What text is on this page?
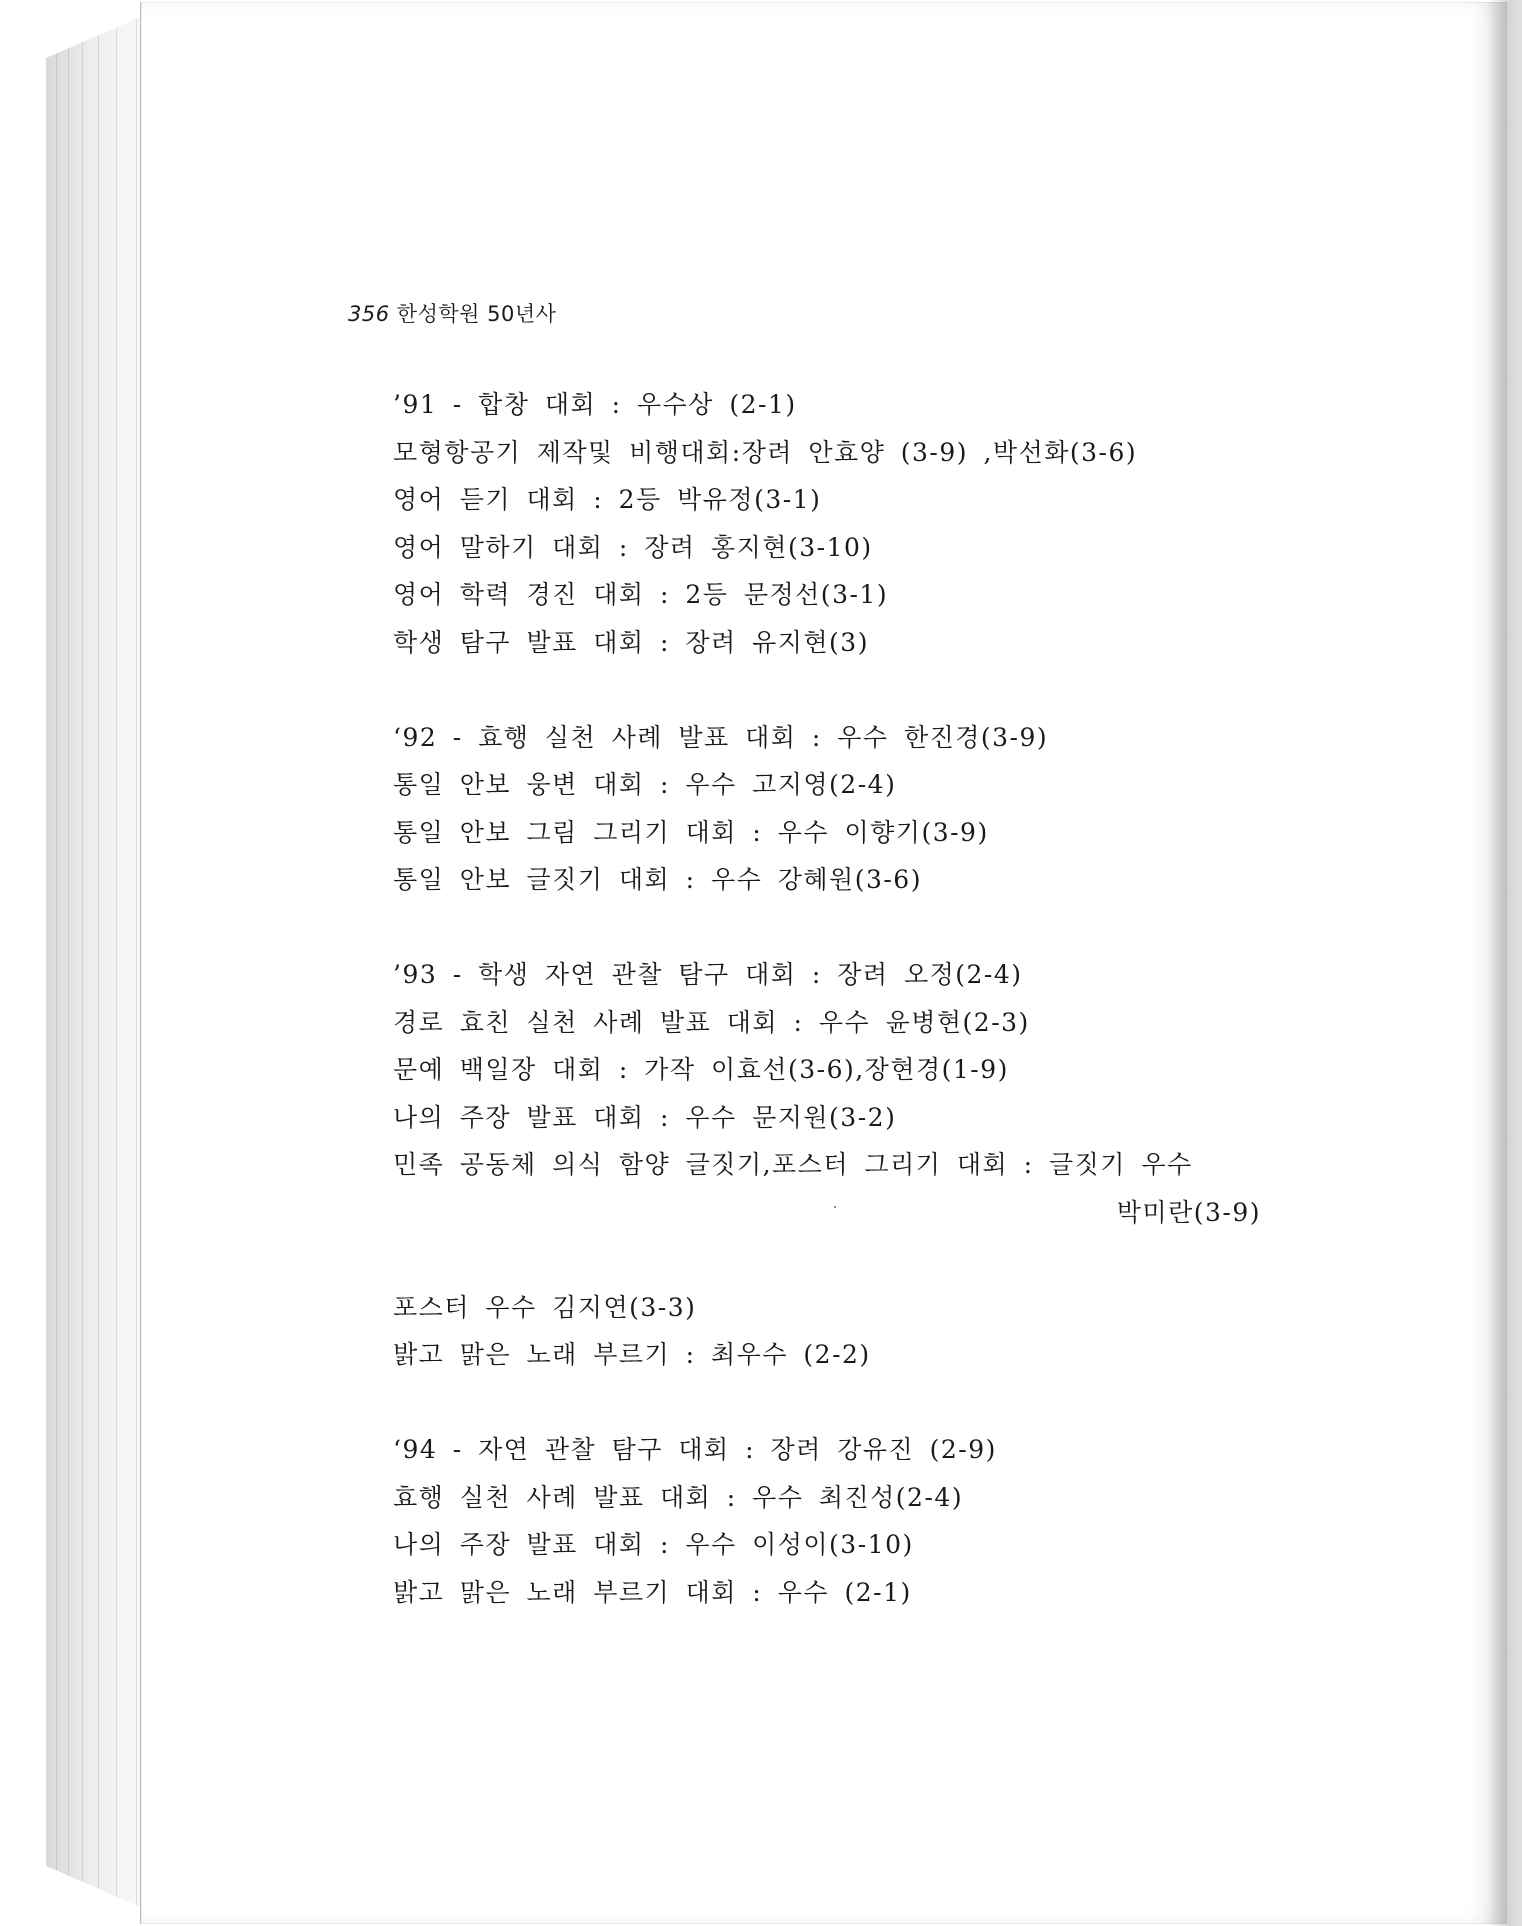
356 한성학원 50년사
’91 - 합창 대회 : 우수상 (2-1)
모형항공기 제작및 비행대회:장려 안효양 (3-9) ,박선화(3-6)
영어 듣기 대회 : 2등 박유정(3-1)
영어 말하기 대회 : 장려 홍지현(3-10)
영어 학력 경진 대회 : 2등 문정선(3-1)
학생 탐구 발표 대회 : 장려 유지현(3)
‘92 - 효행 실천 사례 발표 대회 : 우수 한진경(3-9)
통일 안보 웅변 대회 : 우수 고지영(2-4)
통일 안보 그림 그리기 대회 : 우수 이향기(3-9)
통일 안보 글짓기 대회 : 우수 강혜원(3-6)
’93 - 학생 자연 관찰 탐구 대회 : 장려 오정(2-4)
경로 효친 실천 사례 발표 대회 : 우수 윤병현(2-3)
문예 백일장 대회 : 가작 이효선(3-6),장현경(1-9)
나의 주장 발표 대회 : 우수 문지원(3-2)
민족 공동체 의식 함양 글짓기,포스터 그리기 대회 : 글짓기 우수
박미란(3-9)
포스터 우수 김지연(3-3)
밝고 맑은 노래 부르기 : 최우수 (2-2)
‘94 - 자연 관찰 탐구 대회 : 장려 강유진 (2-9)
효행 실천 사례 발표 대회 : 우수 최진성(2-4)
나의 주장 발표 대회 : 우수 이성이(3-10)
밝고 맑은 노래 부르기 대회 : 우수 (2-1)
